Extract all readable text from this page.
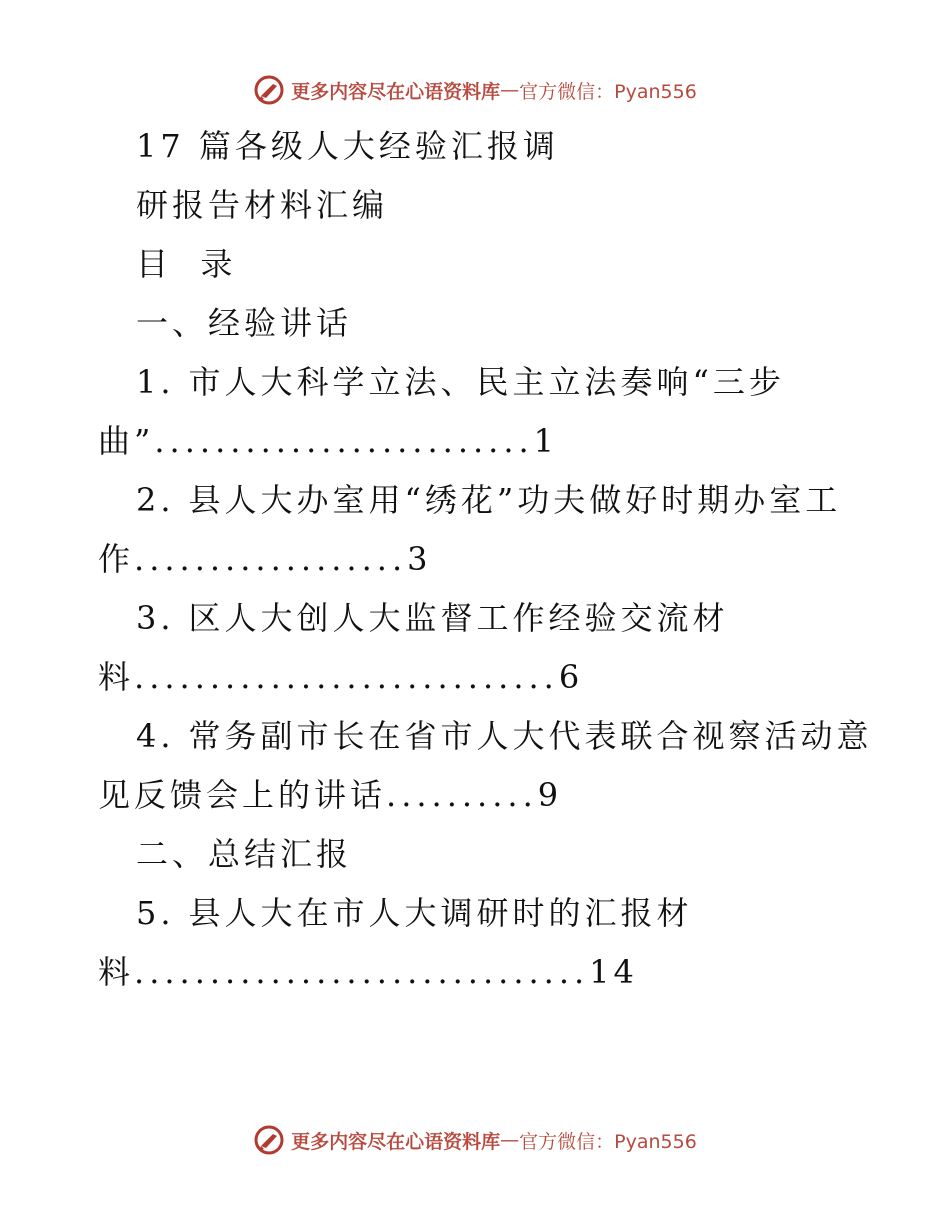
更多内容尽在心语资料库 — 官方微信：Pyan556
17 篇各级人大经验汇报调
研报告材料汇编
目  录
一、经验讲话
1. 市人大科学立法、民主立法奏响“三步
曲”.........................1
2. 县人大办室用“绣花”功夫做好时期办室工
作..................3
3. 区人大创人大监督工作经验交流材
料............................6
4. 常务副市长在省市人大代表联合视察活动意
见反馈会上的讲话..........9
二、总结汇报
5. 县人大在市人大调研时的汇报材
料..............................14
更多内容尽在心语资料库 — 官方微信：Pyan556
